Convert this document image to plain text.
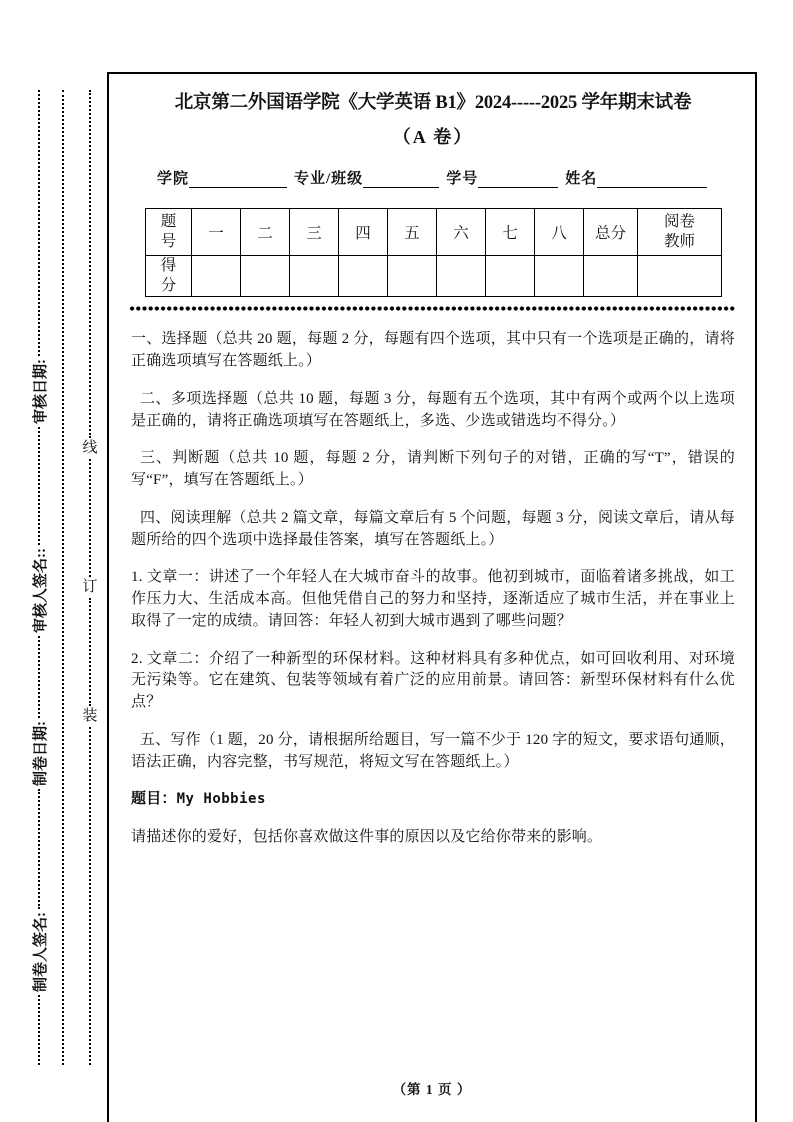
制卷人签名:
制卷日期:
审核人签名::
审核日期:
线
订
装
北京第二外国语学院《大学英语 B1》2024-----2025 学年期末试卷
（A 卷）
学院	专业/班级	学号	姓名
题号	一	二	三	四	五	六	七	八	总分	阅卷教师
得分										

一、选择题（总共 20 题，每题 2 分，每题有四个选项，其中只有一个选项是正确的，请将正确选项填写在答题纸上。）

二、多项选择题（总共 10 题，每题 3 分，每题有五个选项，其中有两个或两个以上选项是正确的，请将正确选项填写在答题纸上，多选、少选或错选均不得分。）

三、判断题（总共 10 题，每题 2 分，请判断下列句子的对错，正确的写“T”，错误的写“F”，填写在答题纸上。）

四、阅读理解（总共 2 篇文章，每篇文章后有 5 个问题，每题 3 分，阅读文章后，请从每题所给的四个选项中选择最佳答案，填写在答题纸上。）

1. 文章一：讲述了一个年轻人在大城市奋斗的故事。他初到城市，面临着诸多挑战，如工作压力大、生活成本高。但他凭借自己的努力和坚持，逐渐适应了城市生活，并在事业上取得了一定的成绩。请回答：年轻人初到大城市遇到了哪些问题？

2. 文章二：介绍了一种新型的环保材料。这种材料具有多种优点，如可回收利用、对环境无污染等。它在建筑、包装等领域有着广泛的应用前景。请回答：新型环保材料有什么优点？

五、写作（1 题，20 分，请根据所给题目，写一篇不少于 120 字的短文，要求语句通顺，语法正确，内容完整，书写规范，将短文写在答题纸上。）

题目：My Hobbies

请描述你的爱好，包括你喜欢做这件事的原因以及它给你带来的影响。

（第 1 页 ）
